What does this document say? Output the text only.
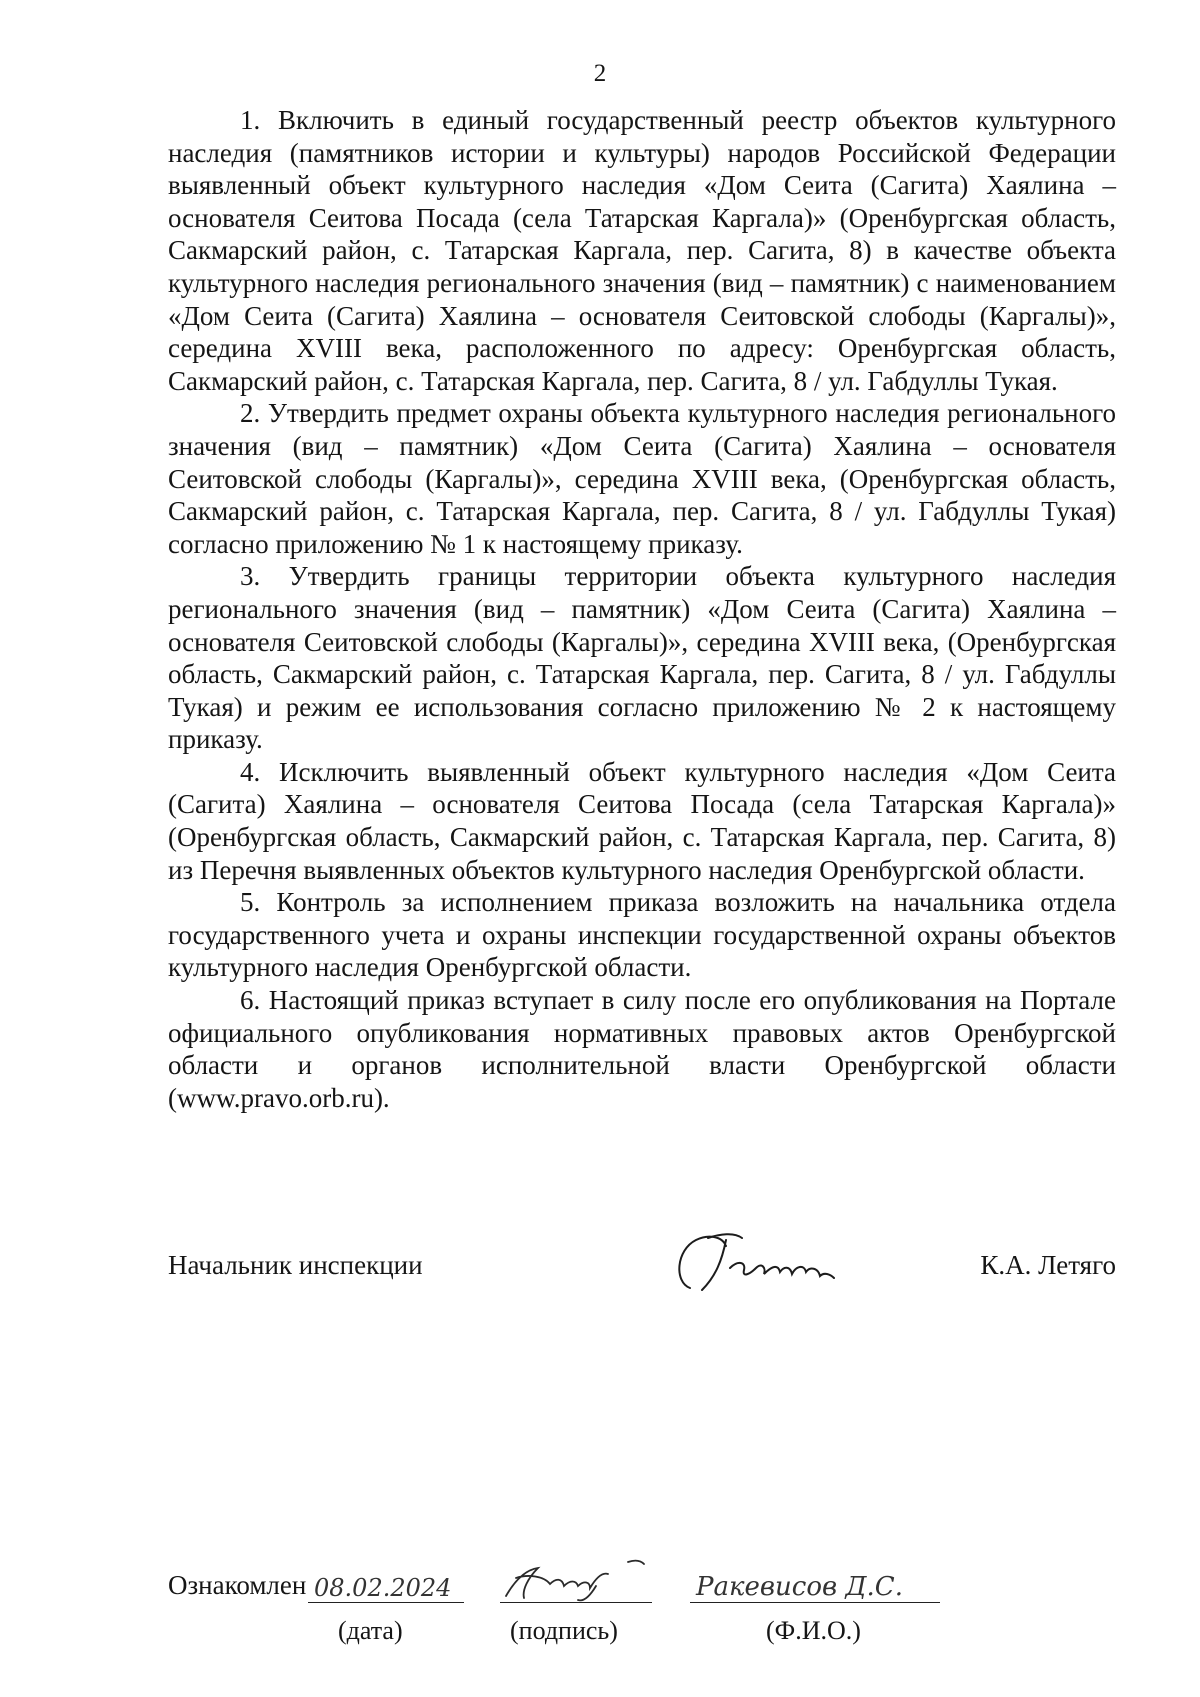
2

1. Включить в единый государственный реестр объектов культурного наследия (памятников истории и культуры) народов Российской Федерации выявленный объект культурного наследия «Дом Сеита (Сагита) Хаялина – основателя Сеитова Посада (села Татарская Каргала)» (Оренбургская область, Сакмарский район, с. Татарская Каргала, пер. Сагита, 8) в качестве объекта культурного наследия регионального значения (вид – памятник) с наименованием «Дом Сеита (Сагита) Хаялина – основателя Сеитовской слободы (Каргалы)», середина XVIII века, расположенного по адресу: Оренбургская область, Сакмарский район, с. Татарская Каргала, пер. Сагита, 8 / ул. Габдуллы Тукая.

2. Утвердить предмет охраны объекта культурного наследия регионального значения (вид – памятник) «Дом Сеита (Сагита) Хаялина – основателя Сеитовской слободы (Каргалы)», середина XVIII века, (Оренбургская область, Сакмарский район, с. Татарская Каргала, пер. Сагита, 8 / ул. Габдуллы Тукая) согласно приложению № 1 к настоящему приказу.

3. Утвердить границы территории объекта культурного наследия регионального значения (вид – памятник) «Дом Сеита (Сагита) Хаялина – основателя Сеитовской слободы (Каргалы)», середина XVIII века, (Оренбургская область, Сакмарский район, с. Татарская Каргала, пер. Сагита, 8 / ул. Габдуллы Тукая) и режим ее использования согласно приложению № 2 к настоящему приказу.

4. Исключить выявленный объект культурного наследия «Дом Сеита (Сагита) Хаялина – основателя Сеитова Посада (села Татарская Каргала)» (Оренбургская область, Сакмарский район, с. Татарская Каргала, пер. Сагита, 8) из Перечня выявленных объектов культурного наследия Оренбургской области.

5. Контроль за исполнением приказа возложить на начальника отдела государственного учета и охраны инспекции государственной охраны объектов культурного наследия Оренбургской области.

6. Настоящий приказ вступает в силу после его опубликования на Портале официального опубликования нормативных правовых актов Оренбургской области и органов исполнительной власти Оренбургской области (www.pravo.orb.ru).

Начальник инспекции	К.А. Летяго
Ознакомлен 08.02.2024
(дата)	(подпись)
Ракевисов Д.С.
(Ф.И.О.)
